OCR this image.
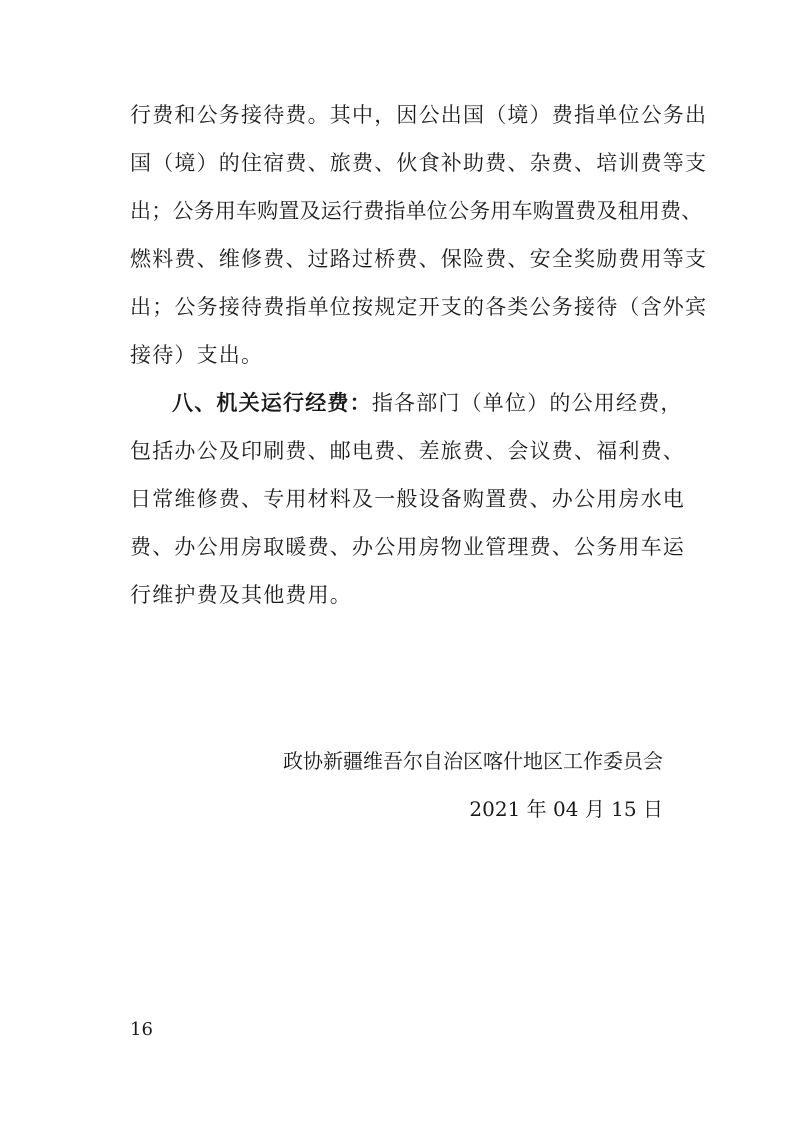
行费和公务接待费。其中，因公出国（境）费指单位公务出
国（境）的住宿费、旅费、伙食补助费、杂费、培训费等支
出；公务用车购置及运行费指单位公务用车购置费及租用费、
燃料费、维修费、过路过桥费、保险费、安全奖励费用等支
出；公务接待费指单位按规定开支的各类公务接待（含外宾
接待）支出。
八、机关运行经费：指各部门（单位）的公用经费，
包括办公及印刷费、邮电费、差旅费、会议费、福利费、
日常维修费、专用材料及一般设备购置费、办公用房水电
费、办公用房取暖费、办公用房物业管理费、公务用车运
行维护费及其他费用。
政协新疆维吾尔自治区喀什地区工作委员会
2021 年 04 月 15 日
16
